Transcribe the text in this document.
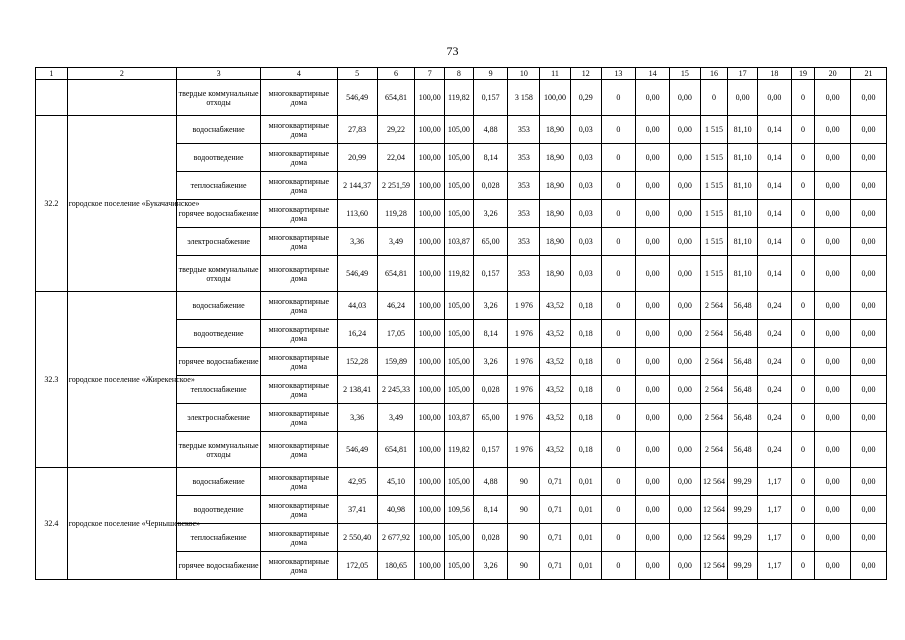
73
1	2	3	4	5	6	7	8	9	10	11	12	13	14	15	16	17	18	19	20	21
		твердые коммунальные отходы	многоквартирные дома	546,49	654,81	100,00	119,82	0,157	3 158	100,00	0,29	0	0,00	0,00	0	0,00	0,00	0	0,00	0,00
32.2	городское поселение «Букачачинское»	водоснабжение	многоквартирные дома	27,83	29,22	100,00	105,00	4,88	353	18,90	0,03	0	0,00	0,00	1 515	81,10	0,14	0	0,00	0,00
		водоотведение	многоквартирные дома	20,99	22,04	100,00	105,00	8,14	353	18,90	0,03	0	0,00	0,00	1 515	81,10	0,14	0	0,00	0,00
		теплоснабжение	многоквартирные дома	2 144,37	2 251,59	100,00	105,00	0,028	353	18,90	0,03	0	0,00	0,00	1 515	81,10	0,14	0	0,00	0,00
		горячее водоснабжение	многоквартирные дома	113,60	119,28	100,00	105,00	3,26	353	18,90	0,03	0	0,00	0,00	1 515	81,10	0,14	0	0,00	0,00
		электроснабжение	многоквартирные дома	3,36	3,49	100,00	103,87	65,00	353	18,90	0,03	0	0,00	0,00	1 515	81,10	0,14	0	0,00	0,00
		твердые коммунальные отходы	многоквартирные дома	546,49	654,81	100,00	119,82	0,157	353	18,90	0,03	0	0,00	0,00	1 515	81,10	0,14	0	0,00	0,00
32.3	городское поселение «Жирекенское»	водоснабжение	многоквартирные дома	44,03	46,24	100,00	105,00	3,26	1 976	43,52	0,18	0	0,00	0,00	2 564	56,48	0,24	0	0,00	0,00
		водоотведение	многоквартирные дома	16,24	17,05	100,00	105,00	8,14	1 976	43,52	0,18	0	0,00	0,00	2 564	56,48	0,24	0	0,00	0,00
		горячее водоснабжение	многоквартирные дома	152,28	159,89	100,00	105,00	3,26	1 976	43,52	0,18	0	0,00	0,00	2 564	56,48	0,24	0	0,00	0,00
		теплоснабжение	многоквартирные дома	2 138,41	2 245,33	100,00	105,00	0,028	1 976	43,52	0,18	0	0,00	0,00	2 564	56,48	0,24	0	0,00	0,00
		электроснабжение	многоквартирные дома	3,36	3,49	100,00	103,87	65,00	1 976	43,52	0,18	0	0,00	0,00	2 564	56,48	0,24	0	0,00	0,00
		твердые коммунальные отходы	многоквартирные дома	546,49	654,81	100,00	119,82	0,157	1 976	43,52	0,18	0	0,00	0,00	2 564	56,48	0,24	0	0,00	0,00
32.4	городское поселение «Чернышевское»	водоснабжение	многоквартирные дома	42,95	45,10	100,00	105,00	4,88	90	0,71	0,01	0	0,00	0,00	12 564	99,29	1,17	0	0,00	0,00
		водоотведение	многоквартирные дома	37,41	40,98	100,00	109,56	8,14	90	0,71	0,01	0	0,00	0,00	12 564	99,29	1,17	0	0,00	0,00
		теплоснабжение	многоквартирные дома	2 550,40	2 677,92	100,00	105,00	0,028	90	0,71	0,01	0	0,00	0,00	12 564	99,29	1,17	0	0,00	0,00
		горячее водоснабжение	многоквартирные дома	172,05	180,65	100,00	105,00	3,26	90	0,71	0,01	0	0,00	0,00	12 564	99,29	1,17	0	0,00	0,00
